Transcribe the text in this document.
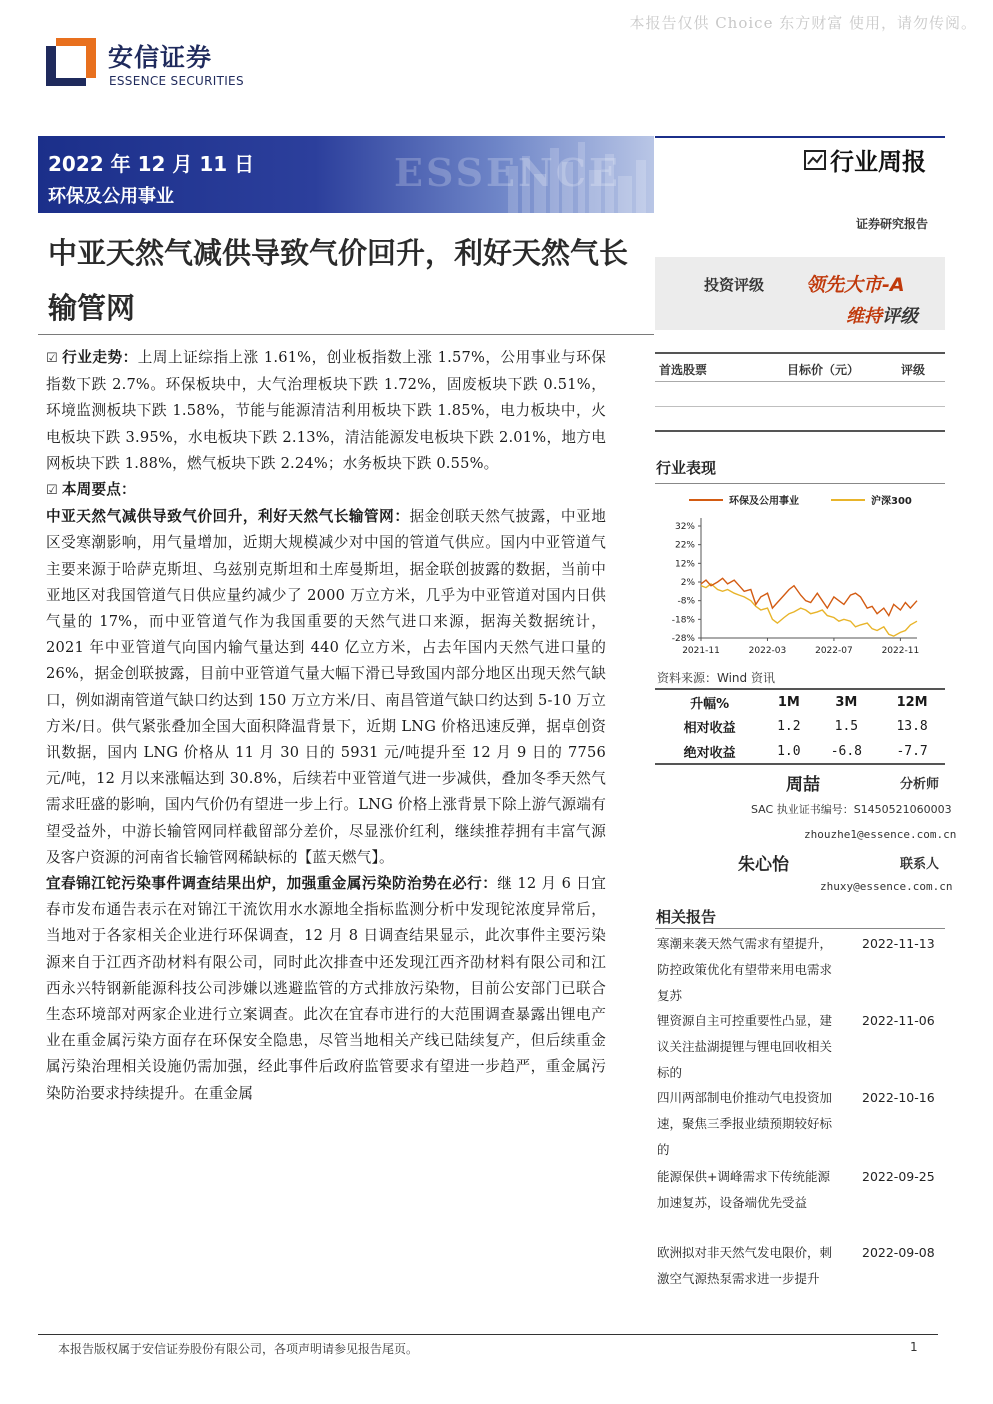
本报告仅供 Choice 东方财富 使用，请勿传阅。
安信证券
ESSENCE SECURITIES
ESSENCE
2022 年 12 月 11 日
环保及公用事业
行业周报
证券研究报告
中亚天然气减供导致气价回升，利好天然气长输管网
投资评级 领先大市-A
维持评级

☑ 行业走势：上周上证综指上涨 1.61%，创业板指数上涨 1.57%，公用事业与环保指数下跌 2.7%。环保板块中，大气治理板块下跌 1.72%，固废板块下跌 0.51%，环境监测板块下跌 1.58%，节能与能源清洁利用板块下跌 1.85%，电力板块中，火电板块下跌 3.95%，水电板块下跌 2.13%，清洁能源发电板块下跌 2.01%，地方电网板块下跌 1.88%，燃气板块下跌 2.24%；水务板块下跌 0.55%。

☑ 本周要点：

中亚天然气减供导致气价回升，利好天然气长输管网：据金创联天然气披露，中亚地区受寒潮影响，用气量增加，近期大规模减少对中国的管道气供应。国内中亚管道气主要来源于哈萨克斯坦、乌兹别克斯坦和土库曼斯坦，据金联创披露的数据，当前中亚地区对我国管道气日供应量约减少了 2000 万立方米，几乎为中亚管道对国内日供气量的 17%，而中亚管道气作为我国重要的天然气进口来源，据海关数据统计，2021 年中亚管道气向国内输气量达到 440 亿立方米，占去年国内天然气进口量的 26%，据金创联披露，目前中亚管道气量大幅下滑已导致国内部分地区出现天然气缺口，例如湖南管道气缺口约达到 150 万立方米/日、南昌管道气缺口约达到 5-10 万立方米/日。供气紧张叠加全国大面积降温背景下，近期 LNG 价格迅速反弹，据卓创资讯数据，国内 LNG 价格从 11 月 30 日的 5931 元/吨提升至 12 月 9 日的 7756 元/吨，12 月以来涨幅达到 30.8%，后续若中亚管道气进一步减供，叠加冬季天然气需求旺盛的影响，国内气价仍有望进一步上行。LNG 价格上涨背景下除上游气源端有望受益外，中游长输管网同样截留部分差价，尽显涨价红利，继续推荐拥有丰富气源及客户资源的河南省长输管网稀缺标的【蓝天燃气】。

宜春锦江铊污染事件调查结果出炉，加强重金属污染防治势在必行：继 12 月 6 日宜春市发布通告表示在对锦江干流饮用水水源地全指标监测分析中发现铊浓度异常后，当地对于各家相关企业进行环保调查，12 月 8 日调查结果显示，此次事件主要污染源来自于江西齐劭材料有限公司，同时此次排查中还发现江西齐劭材料有限公司和江西永兴特钢新能源科技公司涉嫌以逃避监管的方式排放污染物，目前公安部门已联合生态环境部对两家企业进行立案调查。此次在宜春市进行的大范围调查暴露出锂电产业在重金属污染方面存在环保安全隐患，尽管当地相关产线已陆续复产，但后续重金属污染治理相关设施仍需加强，经此事件后政府监管要求有望进一步趋严，重金属污染防治要求持续提升。在重金属

首选股票	目标价（元）	评级
行业表现
环保及公用事业	沪深300
32%
22%
12%
2%
-8%
-18%
-28%
2021-11	2022-03	2022-07	2022-11
资料来源：Wind 资讯
升幅%	1M	3M	12M
相对收益	1.2	1.5	13.8
绝对收益	1.0	-6.8	-7.7
周喆	分析师
SAC 执业证书编号：S1450521060003
zhouzhe1@essence.com.cn
朱心怡	联系人
zhuxy@essence.com.cn
相关报告
寒潮来袭天然气需求有望提升，防控政策优化有望带来用电需求复苏
2022-11-13
锂资源自主可控重要性凸显，建议关注盐湖提锂与锂电回收相关标的
2022-11-06
四川两部制电价推动气电投资加速，聚焦三季报业绩预期较好标的
2022-10-16
能源保供+调峰需求下传统能源加速复苏，设备端优先受益
2022-09-25
欧洲拟对非天然气发电限价，刺激空气源热泵需求进一步提升
2022-09-08
本报告版权属于安信证券股份有限公司，各项声明请参见报告尾页。	1
